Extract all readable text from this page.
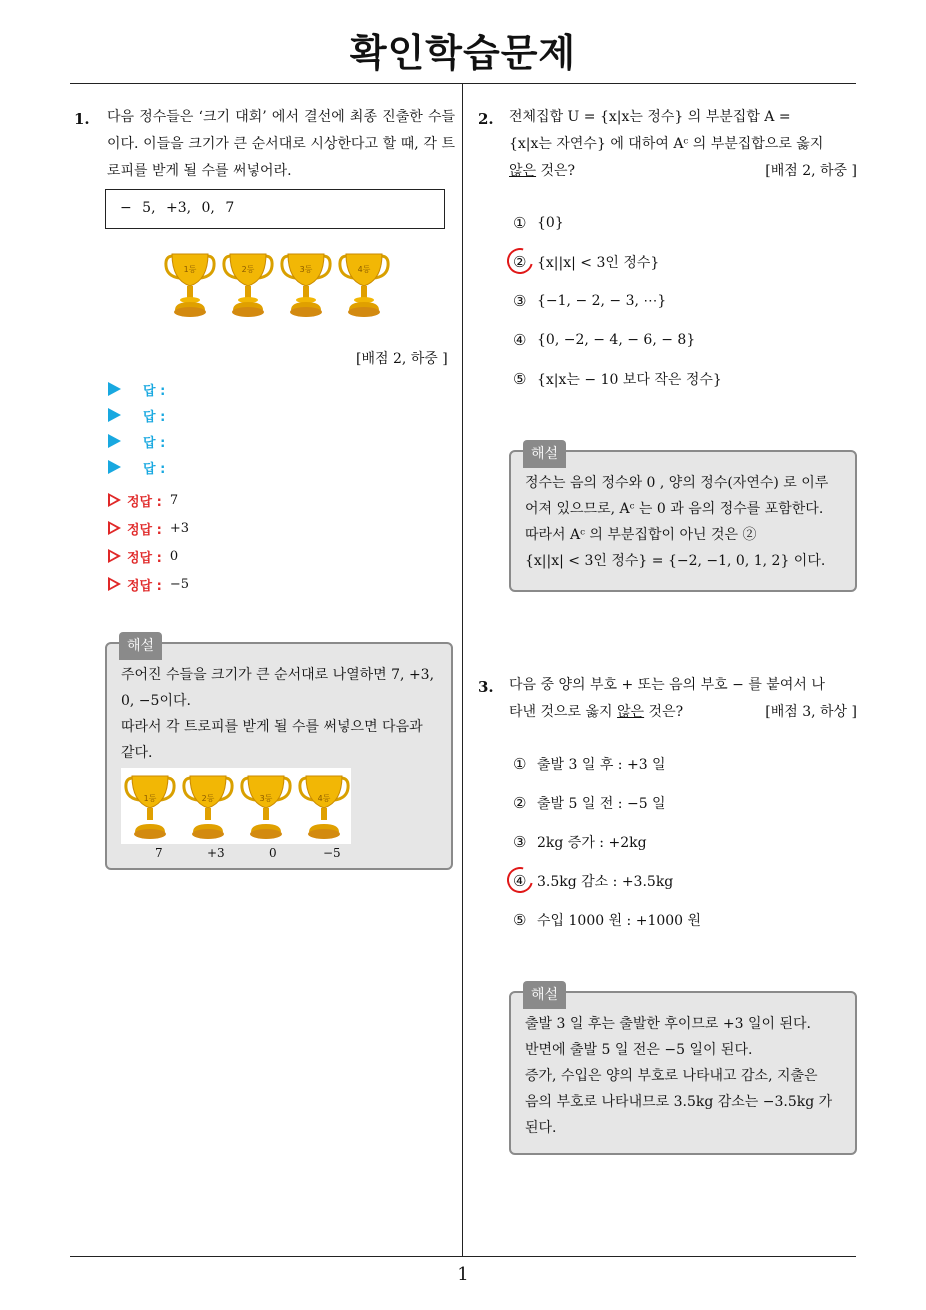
확인학습문제
1
1. 다음 정수들은 ‘크기 대회’ 에서 결선에 최종 진출한 수들이다. 이들을 크기가 큰 순서대로 시상한다고 할 때, 각 트로피를 받게 될 수를 써넣어라.
− 5, +3, 0, 7
1등	2등	3등	4등
[배점 2, 하중 ]
답 :
답 :
답 :
답 :
정답 : 7
정답 : +3
정답 : 0
정답 : −5
해설
주어진 수들을 크기가 큰 순서대로 나열하면 7, +3, 0, −5이다.
따라서 각 트로피를 받게 될 수를 써넣으면 다음과 같다.
1등	2등	3등	4등
7	+3	0	−5
2. 전체집합 U = {x|x는 정수} 의 부분집합 A =
{x|x는 자연수} 에 대하여 Aᶜ 의 부분집합으로 옳지
않은 것은?	[배점 2, 하중 ]
① {0}
② {x||x| < 3인 정수}
③ {−1, − 2, − 3, ⋯}
④ {0, −2, − 4, − 6, − 8}
⑤ {x|x는 − 10 보다 작은 정수}
해설
정수는 음의 정수와 0 , 양의 정수(자연수) 로 이루
어져 있으므로, Aᶜ 는 0 과 음의 정수를 포함한다.
따라서 Aᶜ 의 부분집합이 아닌 것은 ②
{x||x| < 3인 정수} = {−2, −1, 0, 1, 2} 이다.
3. 다음 중 양의 부호 + 또는 음의 부호 − 를 붙여서 나
타낸 것으로 옳지 않은 것은?	[배점 3, 하상 ]
① 출발 3 일 후 : +3 일
② 출발 5 일 전 : −5 일
③ 2kg 증가 : +2kg
④ 3.5kg 감소 : +3.5kg
⑤ 수입 1000 원 : +1000 원
해설
출발 3 일 후는 출발한 후이므로 +3 일이 된다.
반면에 출발 5 일 전은 −5 일이 된다.
증가, 수입은 양의 부호로 나타내고 감소, 지출은
음의 부호로 나타내므로 3.5kg 감소는 −3.5kg 가
된다.
